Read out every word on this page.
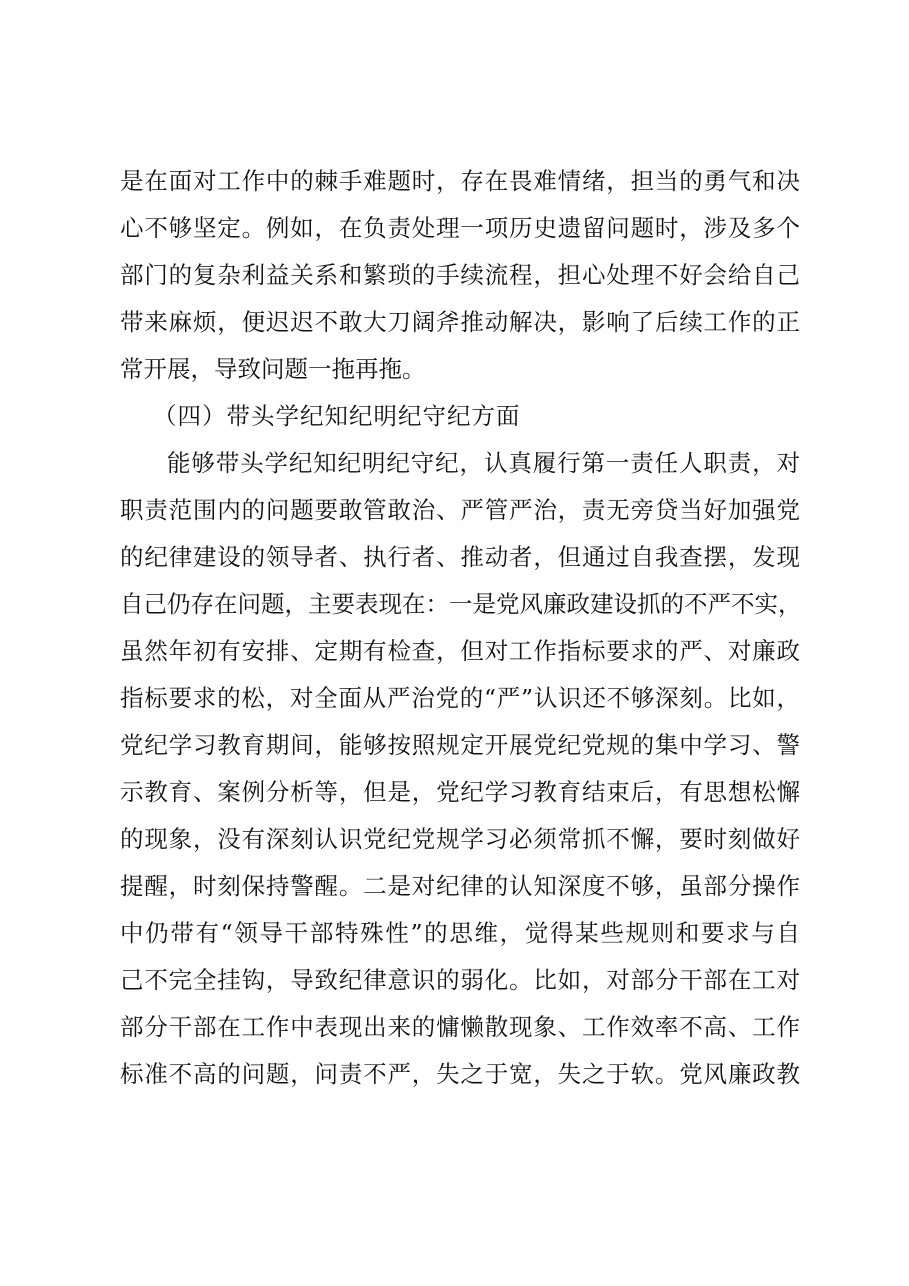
是在面对工作中的棘手难题时，存在畏难情绪，担当的勇气和决
心不够坚定。例如，在负责处理一项历史遗留问题时，涉及多个
部门的复杂利益关系和繁琐的手续流程，担心处理不好会给自己
带来麻烦，便迟迟不敢大刀阔斧推动解决，影响了后续工作的正
常开展，导致问题一拖再拖。
（四）带头学纪知纪明纪守纪方面
能够带头学纪知纪明纪守纪，认真履行第一责任人职责，对
职责范围内的问题要敢管敢治、严管严治，责无旁贷当好加强党
的纪律建设的领导者、执行者、推动者，但通过自我查摆，发现
自己仍存在问题，主要表现在：一是党风廉政建设抓的不严不实，
虽然年初有安排、定期有检查，但对工作指标要求的严、对廉政
指标要求的松，对全面从严治党的“严”认识还不够深刻。比如，
党纪学习教育期间，能够按照规定开展党纪党规的集中学习、警
示教育、案例分析等，但是，党纪学习教育结束后，有思想松懈
的现象，没有深刻认识党纪党规学习必须常抓不懈，要时刻做好
提醒，时刻保持警醒。二是对纪律的认知深度不够，虽部分操作
中仍带有“领导干部特殊性”的思维，觉得某些规则和要求与自
己不完全挂钩，导致纪律意识的弱化。比如，对部分干部在工对
部分干部在工作中表现出来的慵懒散现象、工作效率不高、工作
标准不高的问题，问责不严，失之于宽，失之于软。党风廉政教
